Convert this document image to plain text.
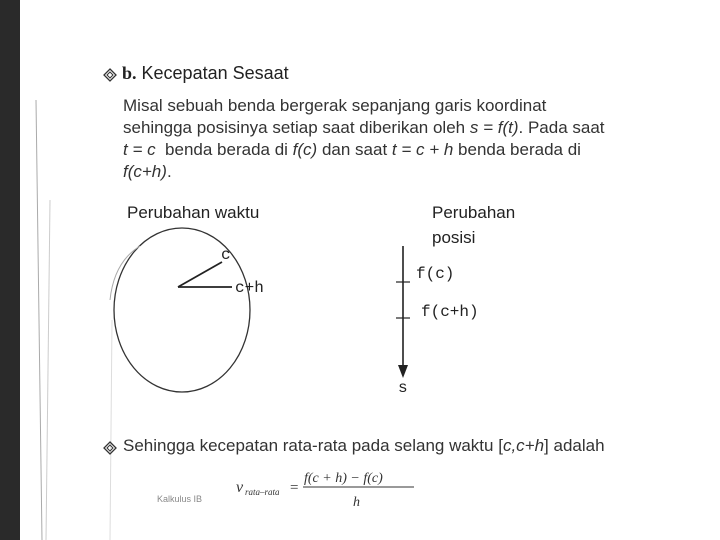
b. Kecepatan Sesaat

Misal sebuah benda bergerak sepanjang garis koordinat

sehingga posisinya setiap saat diberikan oleh s = f(t). Pada saat

t = c  benda berada di f(c) dan saat t = c + h benda berada di

f(c+h).

Perubahan waktu	Perubahan
posisi
c
c+h
f(c)
f(c+h)
s
Sehingga kecepatan rata-rata pada selang waktu [c,c+h] adalah
Kalkulus IB
v rata–rata =
f(c + h) − f(c)
h
